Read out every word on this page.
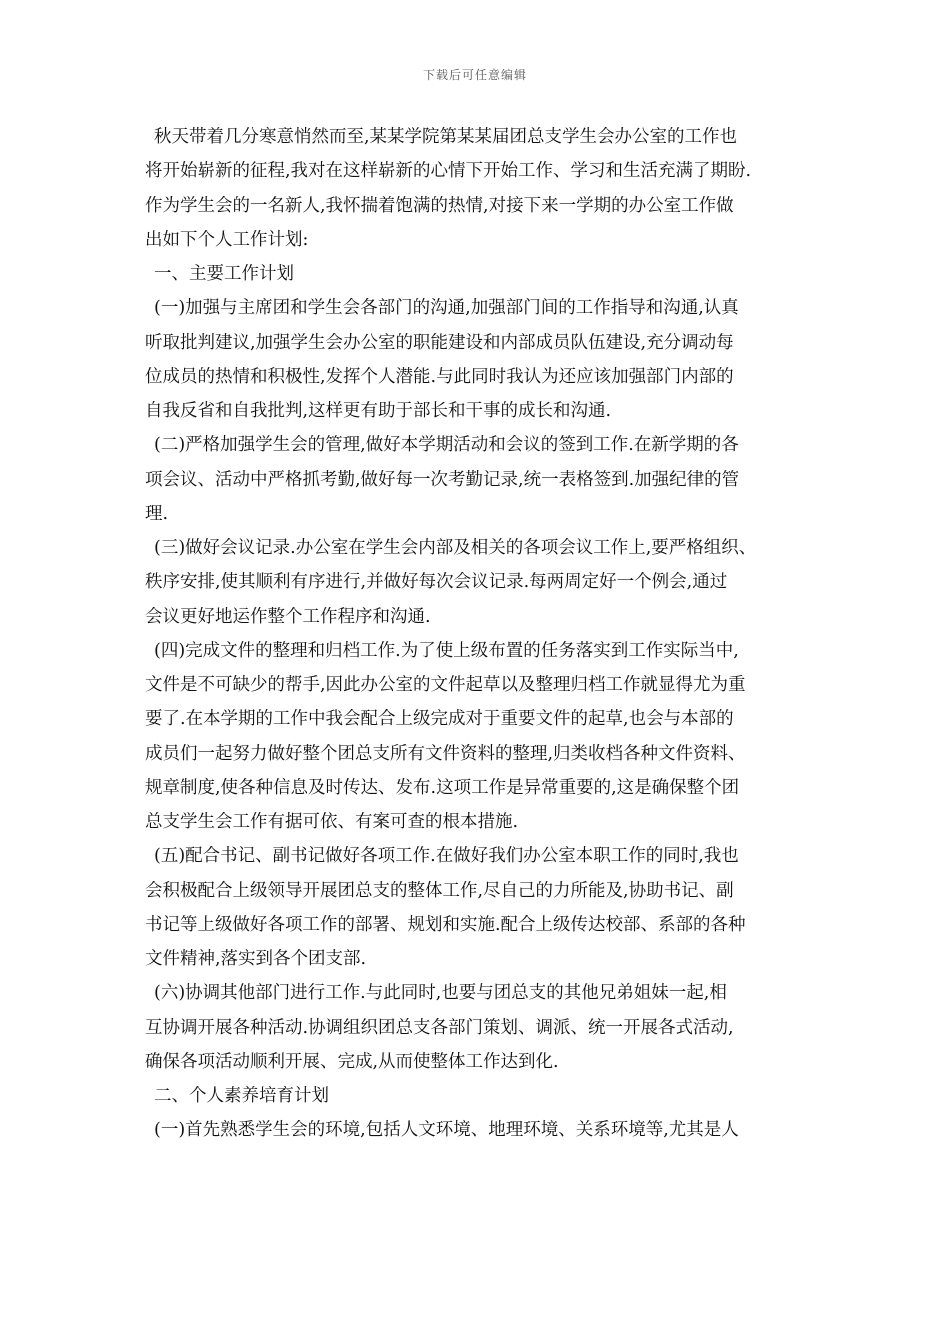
下载后可任意编辑
秋天带着几分寒意悄然而至,某某学院第某某届团总支学生会办公室的工作也
将开始崭新的征程,我对在这样崭新的心情下开始工作、学习和生活充满了期盼.
作为学生会的一名新人,我怀揣着饱满的热情,对接下来一学期的办公室工作做
出如下个人工作计划:
一、主要工作计划
(一)加强与主席团和学生会各部门的沟通,加强部门间的工作指导和沟通,认真
听取批判建议,加强学生会办公室的职能建设和内部成员队伍建设,充分调动每
位成员的热情和积极性,发挥个人潜能.与此同时我认为还应该加强部门内部的
自我反省和自我批判,这样更有助于部长和干事的成长和沟通.
(二)严格加强学生会的管理,做好本学期活动和会议的签到工作.在新学期的各
项会议、活动中严格抓考勤,做好每一次考勤记录,统一表格签到.加强纪律的管
理.
(三)做好会议记录.办公室在学生会内部及相关的各项会议工作上,要严格组织、
秩序安排,使其顺利有序进行,并做好每次会议记录.每两周定好一个例会,通过
会议更好地运作整个工作程序和沟通.
(四)完成文件的整理和归档工作.为了使上级布置的任务落实到工作实际当中,
文件是不可缺少的帮手,因此办公室的文件起草以及整理归档工作就显得尤为重
要了.在本学期的工作中我会配合上级完成对于重要文件的起草,也会与本部的
成员们一起努力做好整个团总支所有文件资料的整理,归类收档各种文件资料、
规章制度,使各种信息及时传达、发布.这项工作是异常重要的,这是确保整个团
总支学生会工作有据可依、有案可查的根本措施.
(五)配合书记、副书记做好各项工作.在做好我们办公室本职工作的同时,我也
会积极配合上级领导开展团总支的整体工作,尽自己的力所能及,协助书记、副
书记等上级做好各项工作的部署、规划和实施.配合上级传达校部、系部的各种
文件精神,落实到各个团支部.
(六)协调其他部门进行工作.与此同时,也要与团总支的其他兄弟姐妹一起,相
互协调开展各种活动.协调组织团总支各部门策划、调派、统一开展各式活动,
确保各项活动顺利开展、完成,从而使整体工作达到化.
二、个人素养培育计划
(一)首先熟悉学生会的环境,包括人文环境、地理环境、关系环境等,尤其是人
